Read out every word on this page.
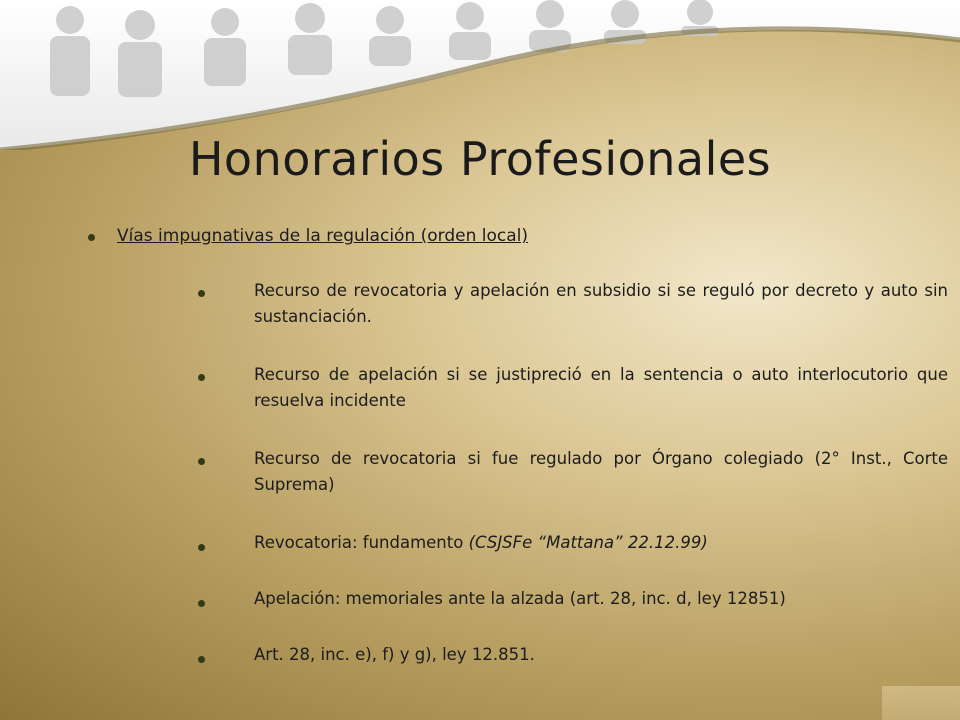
Honorarios Profesionales
Vías impugnativas de la regulación (orden local)
Recurso de revocatoria y apelación en subsidio si se reguló por decreto y auto sin sustanciación.
Recurso de apelación si se justipreció en la sentencia o auto interlocutorio que resuelva incidente
Recurso de revocatoria si fue regulado por Órgano colegiado (2° Inst., Corte Suprema)
Revocatoria: fundamento (CSJSFe “Mattana” 22.12.99)
Apelación: memoriales ante la alzada (art. 28, inc. d, ley 12851)
Art. 28, inc. e), f) y g), ley 12.851.
